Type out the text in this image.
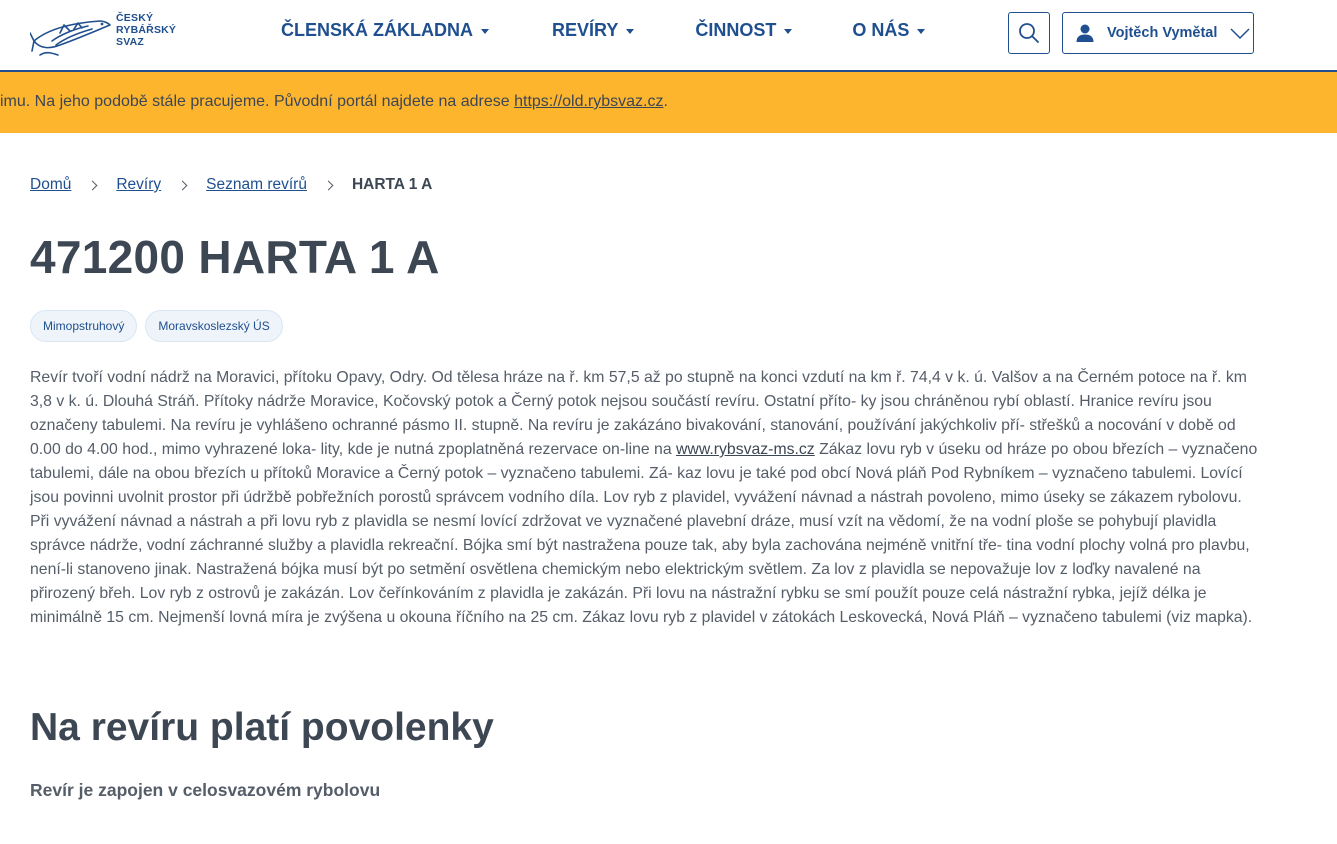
ČESKÝ
RYBÁŘSKÝ
SVAZ
ČLENSKÁ ZÁKLADNA	REVÍRY	ČINNOST	O NÁS	Vojtěch Vymětal
imu. Na jeho podobě stále pracujeme. Původní portál najdete na adrese https://old.rybsvaz.cz.
Domů	Revíry	Seznam revírů	HARTA 1 A
471200 HARTA 1 A
Mimopstruhový	Moravskoslezský ÚS

Revír tvoří vodní nádrž na Moravici, přítoku Opavy, Odry. Od tělesa hráze na ř. km 57,5 až po stupně na konci vzdutí na km ř. 74,4 v k. ú. Valšov a na Černém potoce na ř. km 3,8 v k. ú. Dlouhá Stráň. Přítoky nádrže Moravice, Kočovský potok a Černý potok nejsou součástí revíru. Ostatní příto- ky jsou chráněnou rybí oblastí. Hranice revíru jsou označeny tabulemi. Na revíru je vyhlášeno ochranné pásmo II. stupně. Na revíru je zakázáno bivakování, stanování, používání jakýchkoliv pří- střešků a nocování v době od 0.00 do 4.00 hod., mimo vyhrazené loka- lity, kde je nutná zpoplatněná rezervace on-line na www.rybsvaz-ms.cz Zákaz lovu ryb v úseku od hráze po obou březích – vyznačeno tabulemi, dále na obou březích u přítoků Moravice a Černý potok – vyznačeno tabulemi. Zá- kaz lovu je také pod obcí Nová pláň Pod Rybníkem – vyznačeno tabulemi. Lovící jsou povinni uvolnit prostor při údržbě pobřežních porostů správcem vodního díla. Lov ryb z plavidel, vyvážení návnad a nástrah povoleno, mimo úseky se zákazem rybolovu. Při vyvážení návnad a nástrah a při lovu ryb z plavidla se nesmí lovící zdržovat ve vyznačené plavební dráze, musí vzít na vědomí, že na vodní ploše se pohybují plavidla správce nádrže, vodní záchranné služby a plavidla rekreační. Bójka smí být nastražena pouze tak, aby byla zachována nejméně vnitřní tře- tina vodní plochy volná pro plavbu, není-li stanoveno jinak. Nastražená bójka musí být po setmění osvětlena chemickým nebo elektrickým světlem. Za lov z plavidla se nepovažuje lov z loďky navalené na přirozený břeh. Lov ryb z ostrovů je zakázán. Lov čeřínkováním z plavidla je zakázán. Při lovu na nástražní rybku se smí použít pouze celá nástražní rybka, jejíž délka je minimálně 15 cm. Nejmenší lovná míra je zvýšena u okouna říčního na 25 cm. Zákaz lovu ryb z plavidel v zátokách Leskovecká, Nová Pláň – vyznačeno tabulemi (viz mapka).

Na revíru platí povolenky
Revír je zapojen v celosvazovém rybolovu
